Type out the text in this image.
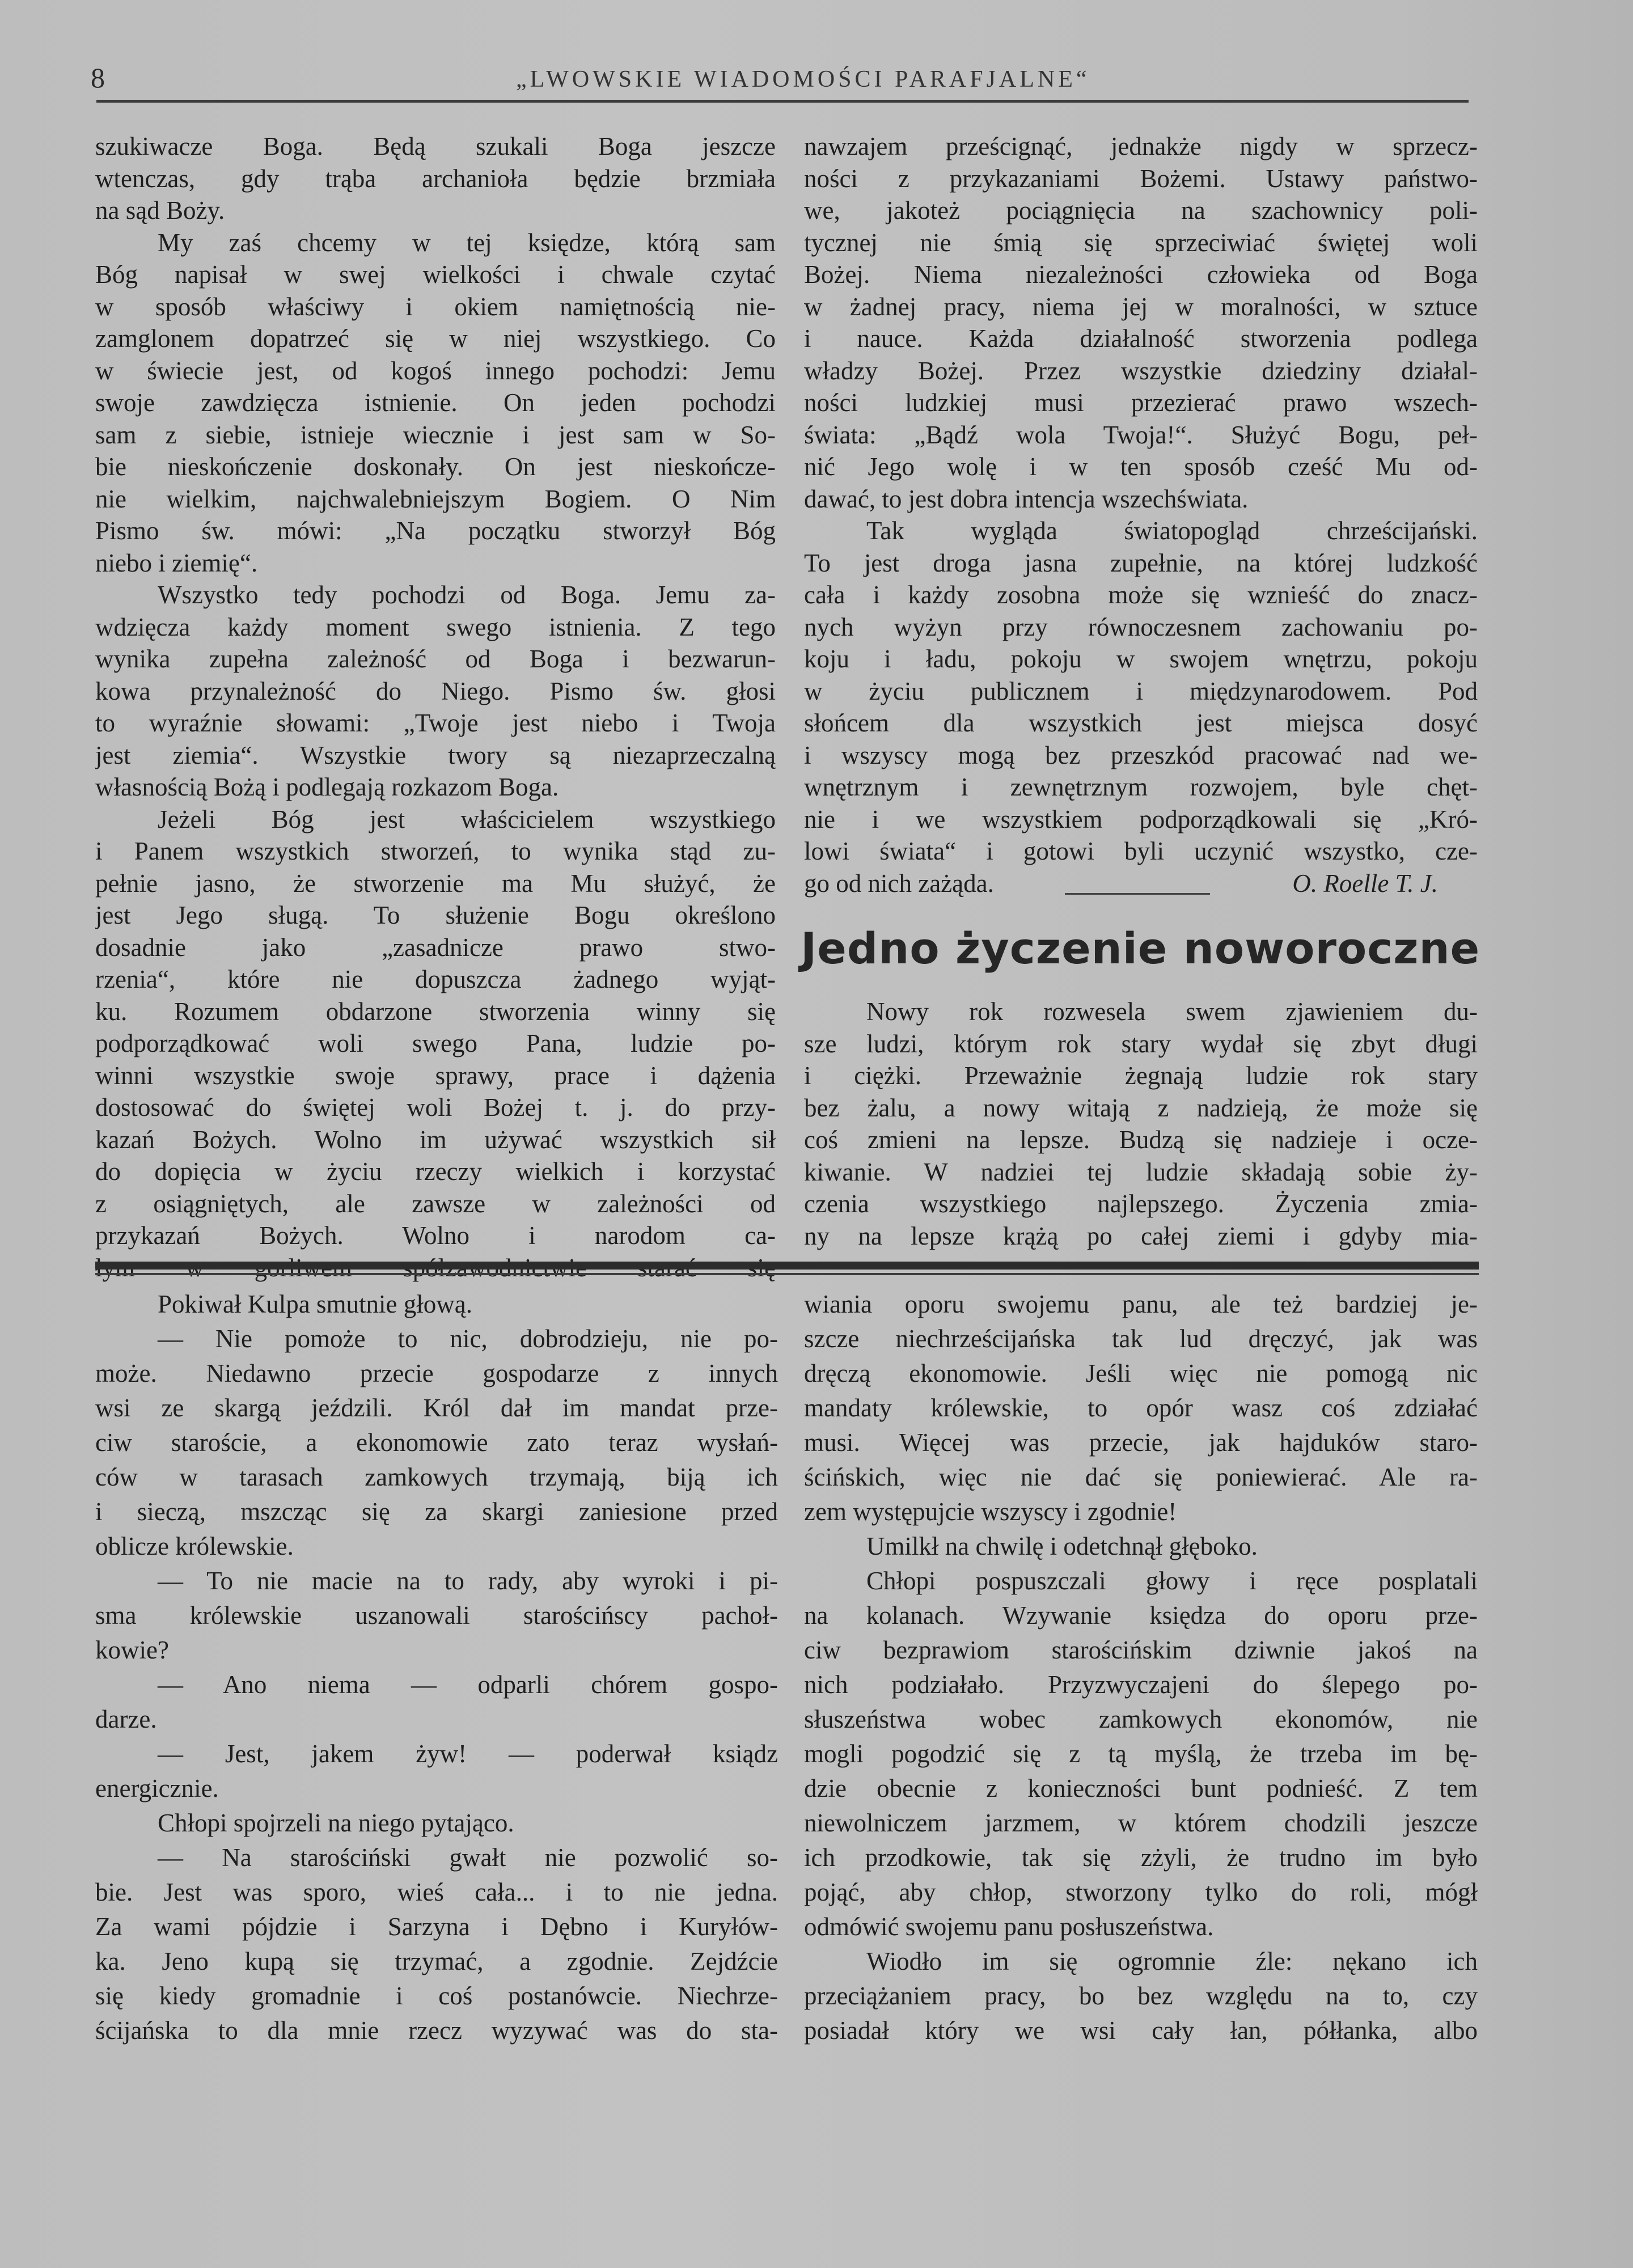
8	„LWOWSKIE WIADOMOŚCI PARAFJALNE“
szukiwacze Boga. Będą szukali Boga jeszcze
wtenczas, gdy trąba archanioła będzie brzmiała
na sąd Boży.
My zaś chcemy w tej księdze, którą sam
Bóg napisał w swej wielkości i chwale czytać
w sposób właściwy i okiem namiętnością nie-
zamglonem dopatrzeć się w niej wszystkiego. Co
w świecie jest, od kogoś innego pochodzi: Jemu
swoje zawdzięcza istnienie. On jeden pochodzi
sam z siebie, istnieje wiecznie i jest sam w So-
bie nieskończenie doskonały. On jest nieskończe-
nie wielkim, najchwalebniejszym Bogiem. O Nim
Pismo św. mówi: „Na początku stworzył Bóg
niebo i ziemię“.
Wszystko tedy pochodzi od Boga. Jemu za-
wdzięcza każdy moment swego istnienia. Z tego
wynika zupełna zależność od Boga i bezwarun-
kowa przynależność do Niego. Pismo św. głosi
to wyraźnie słowami: „Twoje jest niebo i Twoja
jest ziemia“. Wszystkie twory są niezaprzeczalną
własnością Bożą i podlegają rozkazom Boga.
Jeżeli Bóg jest właścicielem wszystkiego
i Panem wszystkich stworzeń, to wynika stąd zu-
pełnie jasno, że stworzenie ma Mu służyć, że
jest Jego sługą. To służenie Bogu określono
dosadnie jako „zasadnicze prawo stwo-
rzenia“, które nie dopuszcza żadnego wyjąt-
ku. Rozumem obdarzone stworzenia winny się
podporządkować woli swego Pana, ludzie po-
winni wszystkie swoje sprawy, prace i dążenia
dostosować do świętej woli Bożej t. j. do przy-
kazań Bożych. Wolno im używać wszystkich sił
do dopięcia w życiu rzeczy wielkich i korzystać
z osiągniętych, ale zawsze w zależności od
przykazań Bożych. Wolno i narodom ca-
nawzajem prześcignąć, jednakże nigdy w sprzecz-
ności z przykazaniami Bożemi. Ustawy państwo-
we, jakoteż pociągnięcia na szachownicy poli-
tycznej nie śmią się sprzeciwiać świętej woli
Bożej. Niema niezależności człowieka od Boga
w żadnej pracy, niema jej w moralności, w sztuce
i nauce. Każda działalność stworzenia podlega
władzy Bożej. Przez wszystkie dziedziny działal-
ności ludzkiej musi przezierać prawo wszech-
świata: „Bądź wola Twoja!“. Służyć Bogu, peł-
nić Jego wolę i w ten sposób cześć Mu od-
dawać, to jest dobra intencja wszechświata.
Tak wygląda światopogląd chrześcijański.
To jest droga jasna zupełnie, na której ludzkość
cała i każdy zosobna może się wznieść do znacz-
nych wyżyn przy równoczesnem zachowaniu po-
koju i ładu, pokoju w swojem wnętrzu, pokoju
w życiu publicznem i międzynarodowem. Pod
słońcem dla wszystkich jest miejsca dosyć
i wszyscy mogą bez przeszkód pracować nad we-
wnętrznym i zewnętrznym rozwojem, byle chęt-
nie i we wszystkiem podporządkowali się „Kró-
lowi świata“ i gotowi byli uczynić wszystko, cze-
go od nich zażąda.	O. Roelle T. J.
Jedno życzenie noworoczne
Nowy rok rozwesela swem zjawieniem du-
sze ludzi, którym rok stary wydał się zbyt długi
i ciężki. Przeważnie żegnają ludzie rok stary
bez żalu, a nowy witają z nadzieją, że może się
coś zmieni na lepsze. Budzą się nadzieje i ocze-
kiwanie. W nadziei tej ludzie składają sobie ży-
czenia wszystkiego najlepszego. Życzenia zmia-
ny na lepsze krążą po całej ziemi i gdyby mia-
Pokiwał Kulpa smutnie głową.
— Nie pomoże to nic, dobrodzieju, nie po-
może. Niedawno przecie gospodarze z innych
wsi ze skargą jeździli. Król dał im mandat prze-
ciw staroście, a ekonomowie zato teraz wysłań-
ców w tarasach zamkowych trzymają, biją ich
i sieczą, mszcząc się za skargi zaniesione przed
oblicze królewskie.
— To nie macie na to rady, aby wyroki i pi-
sma królewskie uszanowali starościńscy pachoł-
kowie?
— Ano niema — odparli chórem gospo-
darze.
— Jest, jakem żyw! — poderwał ksiądz
energicznie.
Chłopi spojrzeli na niego pytająco.
— Na starościński gwałt nie pozwolić so-
bie. Jest was sporo, wieś cała... i to nie jedna.
Za wami pójdzie i Sarzyna i Dębno i Kuryłów-
ka. Jeno kupą się trzymać, a zgodnie. Zejdźcie
się kiedy gromadnie i coś postanówcie. Niechrze-
ścijańska to dla mnie rzecz wyzywać was do sta-
wiania oporu swojemu panu, ale też bardziej je-
szcze niechrześcijańska tak lud dręczyć, jak was
dręczą ekonomowie. Jeśli więc nie pomogą nic
mandaty królewskie, to opór wasz coś zdziałać
musi. Więcej was przecie, jak hajduków staro-
ścińskich, więc nie dać się poniewierać. Ale ra-
zem występujcie wszyscy i zgodnie!
Umilkł na chwilę i odetchnął głęboko.
Chłopi pospuszczali głowy i ręce posplatali
na kolanach. Wzywanie księdza do oporu prze-
ciw bezprawiom starościńskim dziwnie jakoś na
nich podziałało. Przyzwyczajeni do ślepego po-
słuszeństwa wobec zamkowych ekonomów, nie
mogli pogodzić się z tą myślą, że trzeba im bę-
dzie obecnie z konieczności bunt podnieść. Z tem
niewolniczem jarzmem, w którem chodzili jeszcze
ich przodkowie, tak się zżyli, że trudno im było
pojąć, aby chłop, stworzony tylko do roli, mógł
odmówić swojemu panu posłuszeństwa.
Wiodło im się ogromnie źle: nękano ich
przeciążaniem pracy, bo bez względu na to, czy
posiadał który we wsi cały łan, półłanka, albo
